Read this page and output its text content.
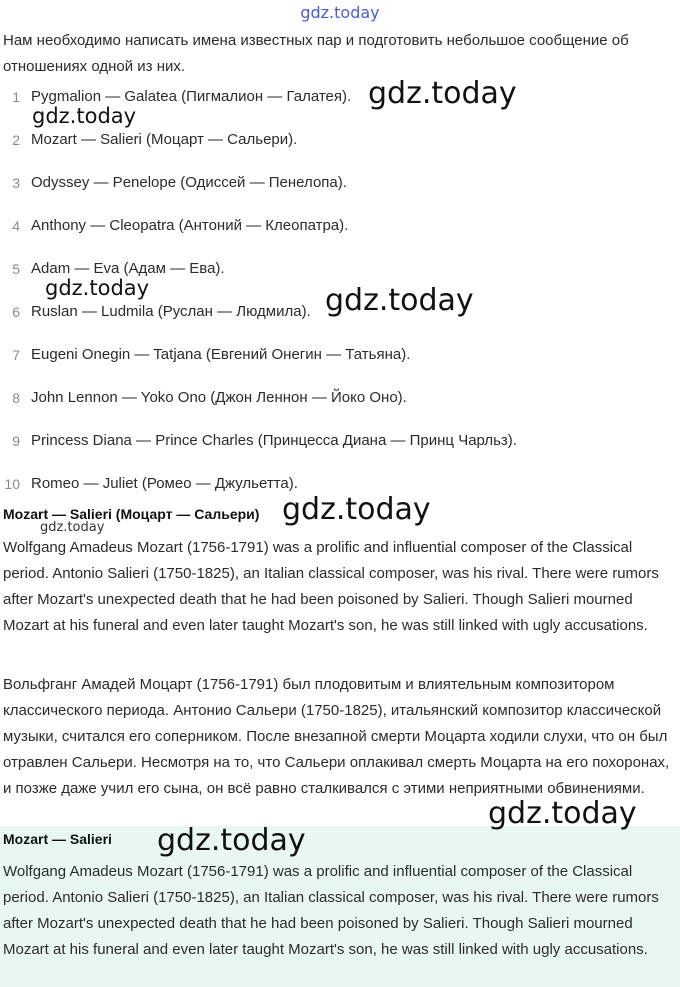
gdz.today

Нам необходимо написать имена известных пар и подготовить небольшое сообщение об отношениях одной из них.

1 Pygmalion — Galatea (Пигмалион — Галатея).
2 Mozart — Salieri (Моцарт — Сальери).
3 Odyssey — Penelope (Одиссей — Пенелопа).
4 Anthony — Cleopatra (Антоний — Клеопатра).
5 Adam — Eva (Адам — Ева).
6 Ruslan — Ludmila (Руслан — Людмила).
7 Eugeni Onegin — Tatjana (Евгений Онегин — Татьяна).
8 John Lennon — Yoko Ono (Джон Леннон — Йоко Оно).
9 Princess Diana — Prince Charles (Принцесса Диана — Принц Чарльз).
10 Romeo — Juliet (Ромео — Джульетта).
Mozart — Salieri (Моцарт — Сальери)

Wolfgang Amadeus Mozart (1756-1791) was a prolific and influential composer of the Classical period. Antonio Salieri (1750-1825), an Italian classical composer, was his rival. There were rumors after Mozart's unexpected death that he had been poisoned by Salieri. Though Salieri mourned Mozart at his funeral and even later taught Mozart's son, he was still linked with ugly accusations.

Вольфганг Амадей Моцарт (1756-1791) был плодовитым и влиятельным композитором классического периода. Антонио Сальери (1750-1825), итальянский композитор классической музыки, считался его соперником. После внезапной смерти Моцарта ходили слухи, что он был отравлен Сальери. Несмотря на то, что Сальери оплакивал смерть Моцарта на его похоронах, и позже даже учил его сына, он всё равно сталкивался с этими неприятными обвинениями.

Mozart — Salieri

Wolfgang Amadeus Mozart (1756-1791) was a prolific and influential composer of the Classical period. Antonio Salieri (1750-1825), an Italian classical composer, was his rival. There were rumors after Mozart's unexpected death that he had been poisoned by Salieri. Though Salieri mourned Mozart at his funeral and even later taught Mozart's son, he was still linked with ugly accusations.

gdz.today
gdz.today
gdz.today	gdz.today
gdz.today
gdz.today
gdz.today
gdz.today
